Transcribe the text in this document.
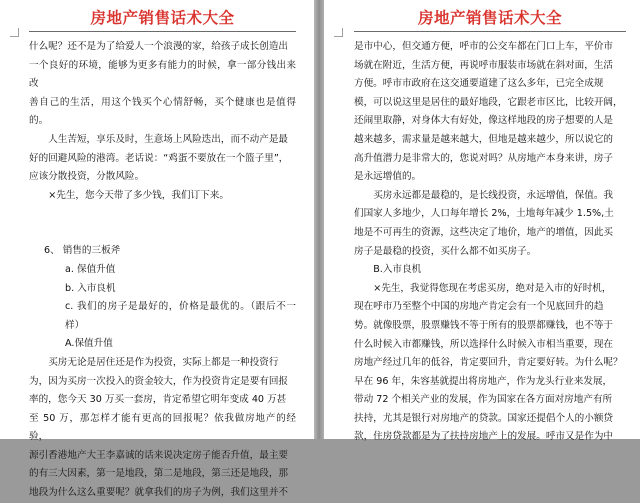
房地产销售话术大全

什么呢？还不是为了给爱人一个浪漫的家，给孩子成长创造出

一个良好的环境，能够为更多有能力的时候，拿一部分钱出来改

善自己的生活，用这个钱买个心情舒畅，买个健康也是值得的。

人生苦短，享乐及时，生意场上风险迭出，而不动产是最

好的回避风险的港湾。老话说：“鸡蛋不要放在一个篮子里”，

应该分散投资，分散风险。

×先生，您今天带了多少钱，我们订下来。

6、 销售的三板斧

a. 保值升值

b. 入市良机

c. 我们的房子是最好的，价格是最优的。（跟后不一样）

A.保值升值

买房无论是居住还是作为投资，实际上都是一种投资行

为，因为买房一次投入的资金较大，作为投资肯定是要有回报

率的，您今天 30 万买一套房，肯定希望它明年变成 40 万甚

至 50 万，那怎样才能有更高的回报呢？依我做房地产的经验，

源引香港地产大王李嘉诚的话来说决定房子能否升值，最主要

的有三大因素，第一是地段，第二是地段，第三还是地段，那

地段为什么这么重要呢？就拿我们的房子为例，我们这里并不

房地产销售话术大全

是市中心，但交通方便，呼市的公交车都在门口上车，平价市

场就在附近，生活方便，再说呼市服装市场就在斜对面，生活

方便。呼市市政府在这交通要道建了这么多年，已完全成规

模，可以说这里是居住的最好地段，它跟老市区比，比较开阔，

还闹里取静，对身体大有好处，像这样地段的房子想要的人是

越来越多，需求量是越来越大，但地是越来越少，所以说它的

高升值潜力是非常大的，您说对吗？从房地产本身来讲，房子

是永远增值的。

买房永远都是最稳的，是长线投资，永远增值，保值。我

们国家人多地少，人口每年增长 2%，土地每年减少 1.5%,土

地是不可再生的资源，这些决定了地价，地产的增值，因此买

房子是最稳的投资，买什么都不如买房子。

B.入市良机

×先生，我觉得您现在考虑买房，绝对是入市的好时机，

现在呼市乃至整个中国的房地产肯定会有一个见底回升的趋

势。就像股票，股票赚钱不等于所有的股票都赚钱，也不等于

什么时候入市都赚钱，所以选择什么时候入市相当重要，现在

房地产经过几年的低谷，肯定要回升，肯定要好转。为什么呢？

早在 96 年，朱容基就提出将房地产，作为龙头行业来发展，

带动 72 个相关产业的发展，作为国家在各方面对房地产有所

扶持，尤其是银行对房地产的贷款。国家还提倡个人的小额贷

款，住房贷款都是为了扶持房地产上的发展。呼市又是作为中
